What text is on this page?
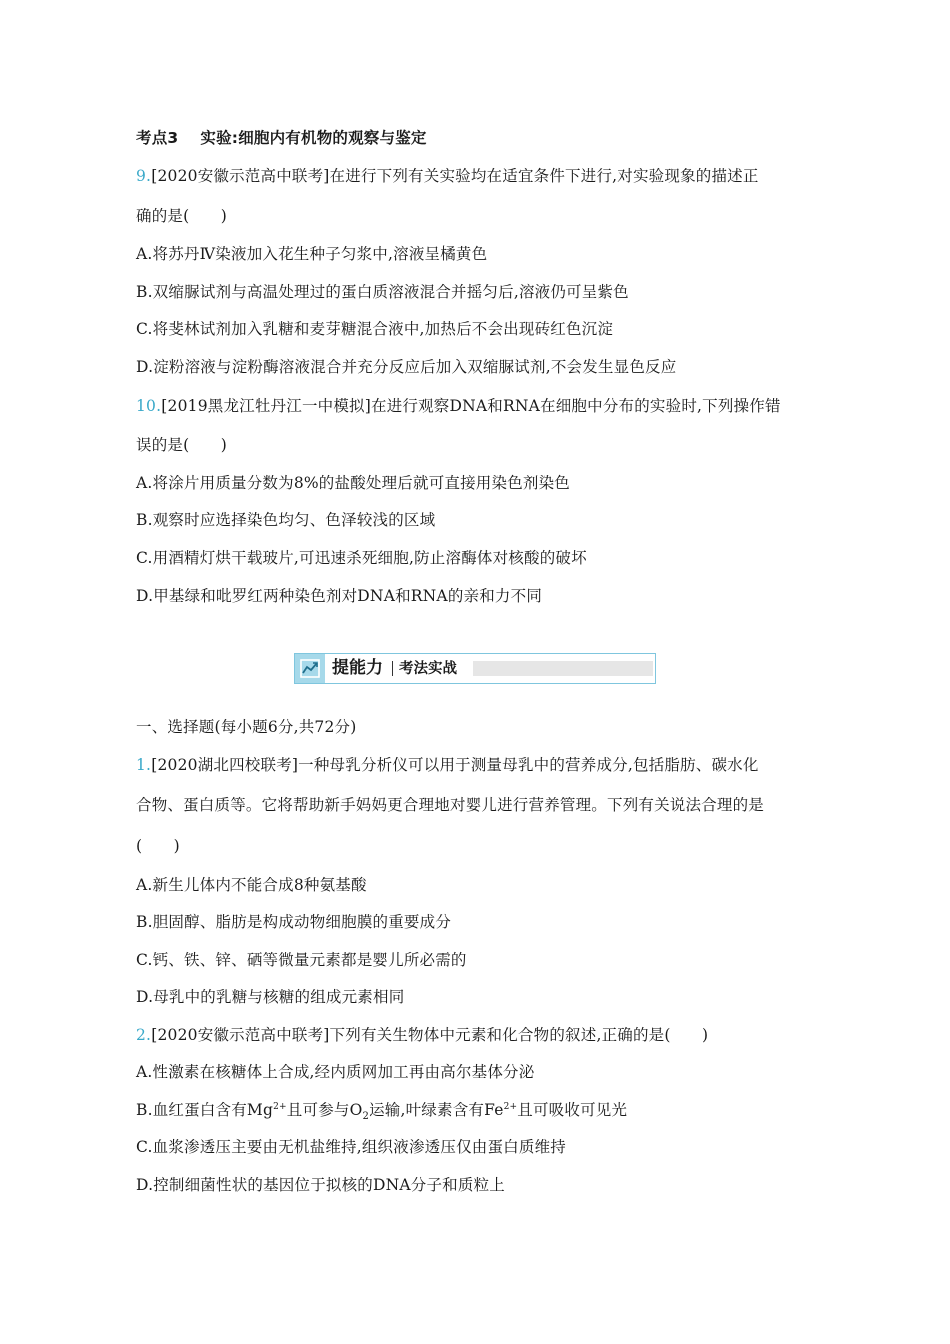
考点3 实验:细胞内有机物的观察与鉴定
9.[2020安徽示范高中联考]在进行下列有关实验均在适宜条件下进行,对实验现象的描述正
确的是(　　)
A.将苏丹Ⅳ染液加入花生种子匀浆中,溶液呈橘黄色
B.双缩脲试剂与高温处理过的蛋白质溶液混合并摇匀后,溶液仍可呈紫色
C.将斐林试剂加入乳糖和麦芽糖混合液中,加热后不会出现砖红色沉淀
D.淀粉溶液与淀粉酶溶液混合并充分反应后加入双缩脲试剂,不会发生显色反应
10.[2019黑龙江牡丹江一中模拟]在进行观察DNA和RNA在细胞中分布的实验时,下列操作错
误的是(　　)
A.将涂片用质量分数为8%的盐酸处理后就可直接用染色剂染色
B.观察时应选择染色均匀、色泽较浅的区域
C.用酒精灯烘干载玻片,可迅速杀死细胞,防止溶酶体对核酸的破坏
D.甲基绿和吡罗红两种染色剂对DNA和RNA的亲和力不同
提能力 考法实战
一、选择题(每小题6分,共72分)
1.[2020湖北四校联考]一种母乳分析仪可以用于测量母乳中的营养成分,包括脂肪、碳水化
合物、蛋白质等。它将帮助新手妈妈更合理地对婴儿进行营养管理。下列有关说法合理的是
(　　)
A.新生儿体内不能合成8种氨基酸
B.胆固醇、脂肪是构成动物细胞膜的重要成分
C.钙、铁、锌、硒等微量元素都是婴儿所必需的
D.母乳中的乳糖与核糖的组成元素相同
2.[2020安徽示范高中联考]下列有关生物体中元素和化合物的叙述,正确的是(　　)
A.性激素在核糖体上合成,经内质网加工再由高尔基体分泌
B.血红蛋白含有$Mg^{2+}$且可参与$O_2$运输,叶绿素含有$Fe^{2+}$且可吸收可见光
C.血浆渗透压主要由无机盐维持,组织液渗透压仅由蛋白质维持
D.控制细菌性状的基因位于拟核的DNA分子和质粒上
